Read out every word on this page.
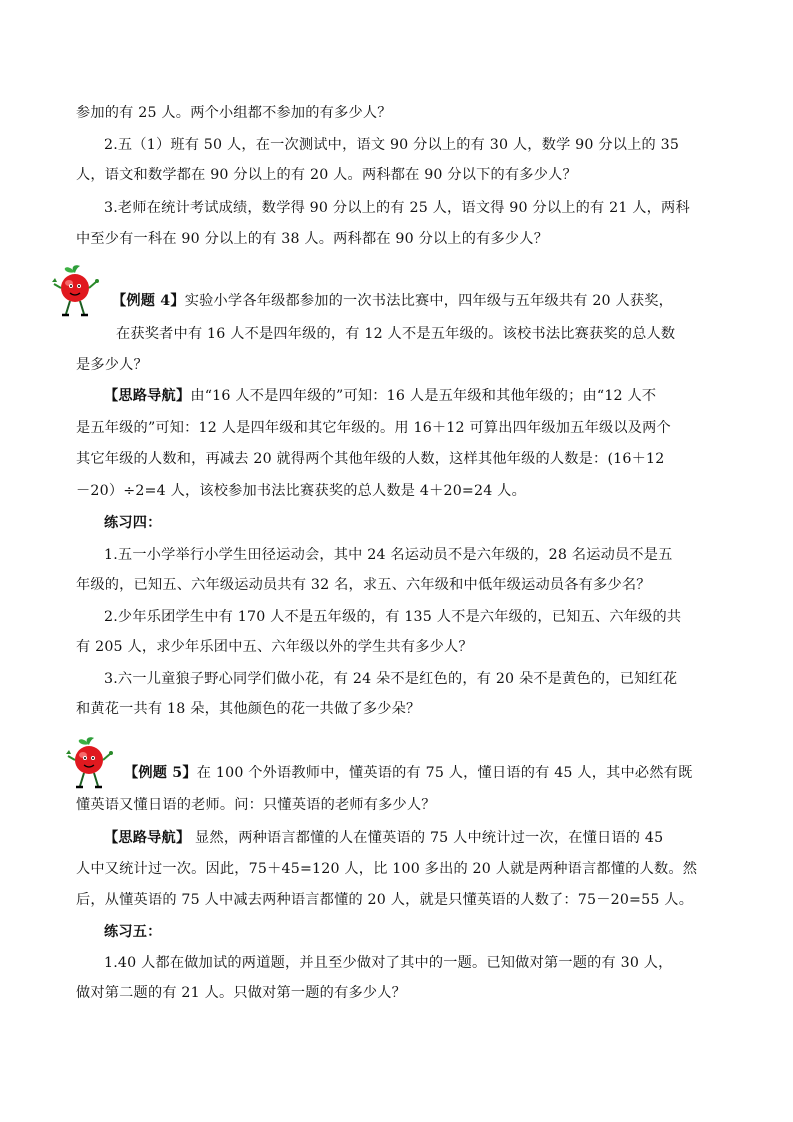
参加的有 25 人。两个小组都不参加的有多少人？
2.五（1）班有 50 人，在一次测试中，语文 90 分以上的有 30 人，数学 90 分以上的 35
人，语文和数学都在 90 分以上的有 20 人。两科都在 90 分以下的有多少人？
3.老师在统计考试成绩，数学得 90 分以上的有 25 人，语文得 90 分以上的有 21 人，两科
中至少有一科在 90 分以上的有 38 人。两科都在 90 分以上的有多少人？
【例题 4】实验小学各年级都参加的一次书法比赛中，四年级与五年级共有 20 人获奖，
在获奖者中有 16 人不是四年级的，有 12 人不是五年级的。该校书法比赛获奖的总人数
是多少人？
【思路导航】由“16 人不是四年级的”可知：16 人是五年级和其他年级的；由“12 人不
是五年级的”可知：12 人是四年级和其它年级的。用 16＋12 可算出四年级加五年级以及两个
其它年级的人数和，再减去 20 就得两个其他年级的人数，这样其他年级的人数是：(16＋12
－20）÷2=4 人，该校参加书法比赛获奖的总人数是 4＋20=24 人。
练习四：
1.五一小学举行小学生田径运动会，其中 24 名运动员不是六年级的，28 名运动员不是五
年级的，已知五、六年级运动员共有 32 名，求五、六年级和中低年级运动员各有多少名？
2.少年乐团学生中有 170 人不是五年级的，有 135 人不是六年级的，已知五、六年级的共
有 205 人，求少年乐团中五、六年级以外的学生共有多少人？
3.六一儿童狼子野心同学们做小花，有 24 朵不是红色的，有 20 朵不是黄色的，已知红花
和黄花一共有 18 朵，其他颜色的花一共做了多少朵？
【例题 5】在 100 个外语教师中，懂英语的有 75 人，懂日语的有 45 人，其中必然有既
懂英语又懂日语的老师。问：只懂英语的老师有多少人？
【思路导航】 显然，两种语言都懂的人在懂英语的 75 人中统计过一次，在懂日语的 45
人中又统计过一次。因此，75＋45=120 人，比 100 多出的 20 人就是两种语言都懂的人数。然
后，从懂英语的 75 人中减去两种语言都懂的 20 人，就是只懂英语的人数了：75－20=55 人。
练习五：
1.40 人都在做加试的两道题，并且至少做对了其中的一题。已知做对第一题的有 30 人，
做对第二题的有 21 人。只做对第一题的有多少人？
